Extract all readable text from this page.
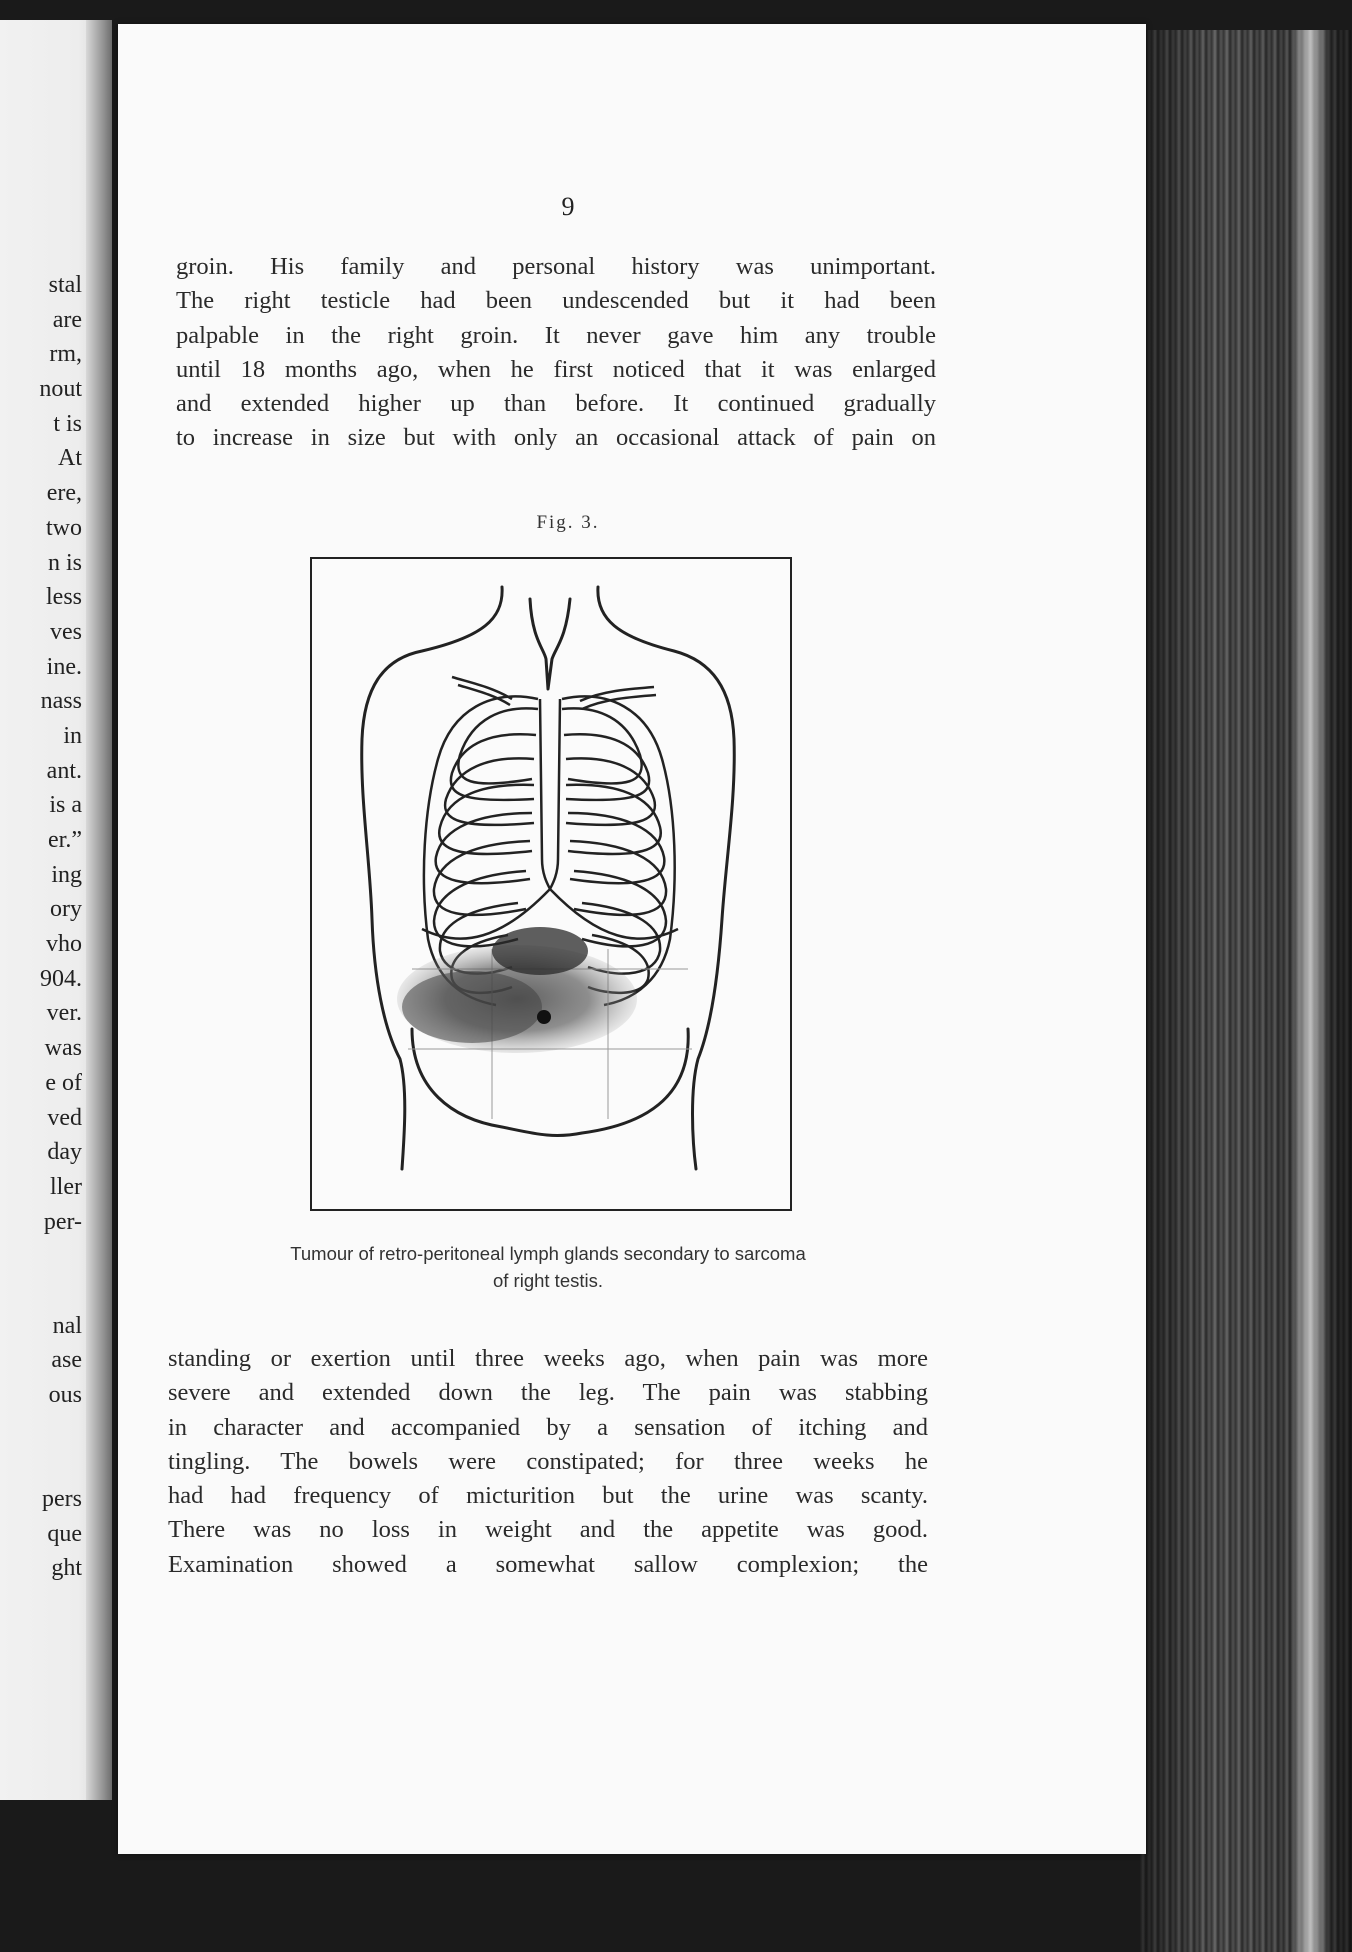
stal
are
rm,
nout
t is
At
ere,
two
n is
less
ves
ine.
nass
in
ant.
is a
er.”
ing
ory
vho
904.
ver.
was
e of
ved
day
ller
per-
nal
ase
ous
pers
que
ght
9
groin. His family and personal history was unimportant.
The right testicle had been undescended but it had been
palpable in the right groin. It never gave him any trouble
until 18 months ago, when he first noticed that it was enlarged
and extended higher up than before. It continued gradually
to increase in size but with only an occasional attack of pain on
Fig. 3.
Tumour of retro-peritoneal lymph glands secondary to sarcoma
of right testis.
standing or exertion until three weeks ago, when pain was more
severe and extended down the leg. The pain was stabbing
in character and accompanied by a sensation of itching and
tingling. The bowels were constipated; for three weeks he
had had frequency of micturition but the urine was scanty.
There was no loss in weight and the appetite was good.
Examination showed a somewhat sallow complexion; the
